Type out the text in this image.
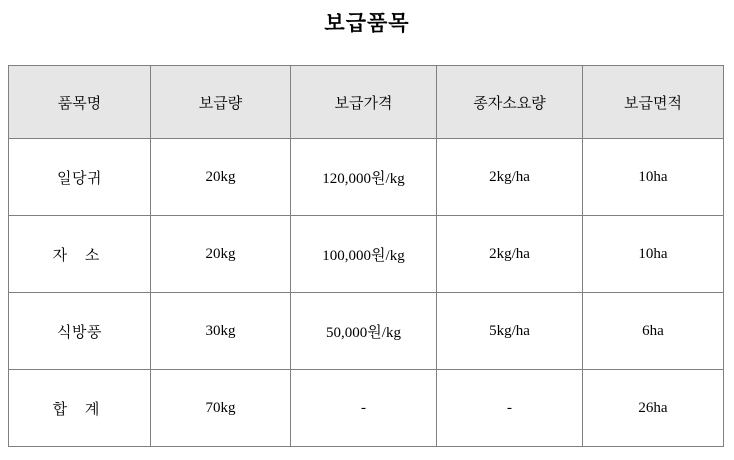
보급품목
품목명	보급량	보급가격	종자소요량	보급면적
일당귀	20kg	120,000원/kg	2kg/ha	10ha
자 소	20kg	100,000원/kg	2kg/ha	10ha
식방풍	30kg	50,000원/kg	5kg/ha	6ha
합 계	70kg	-	-	26ha
